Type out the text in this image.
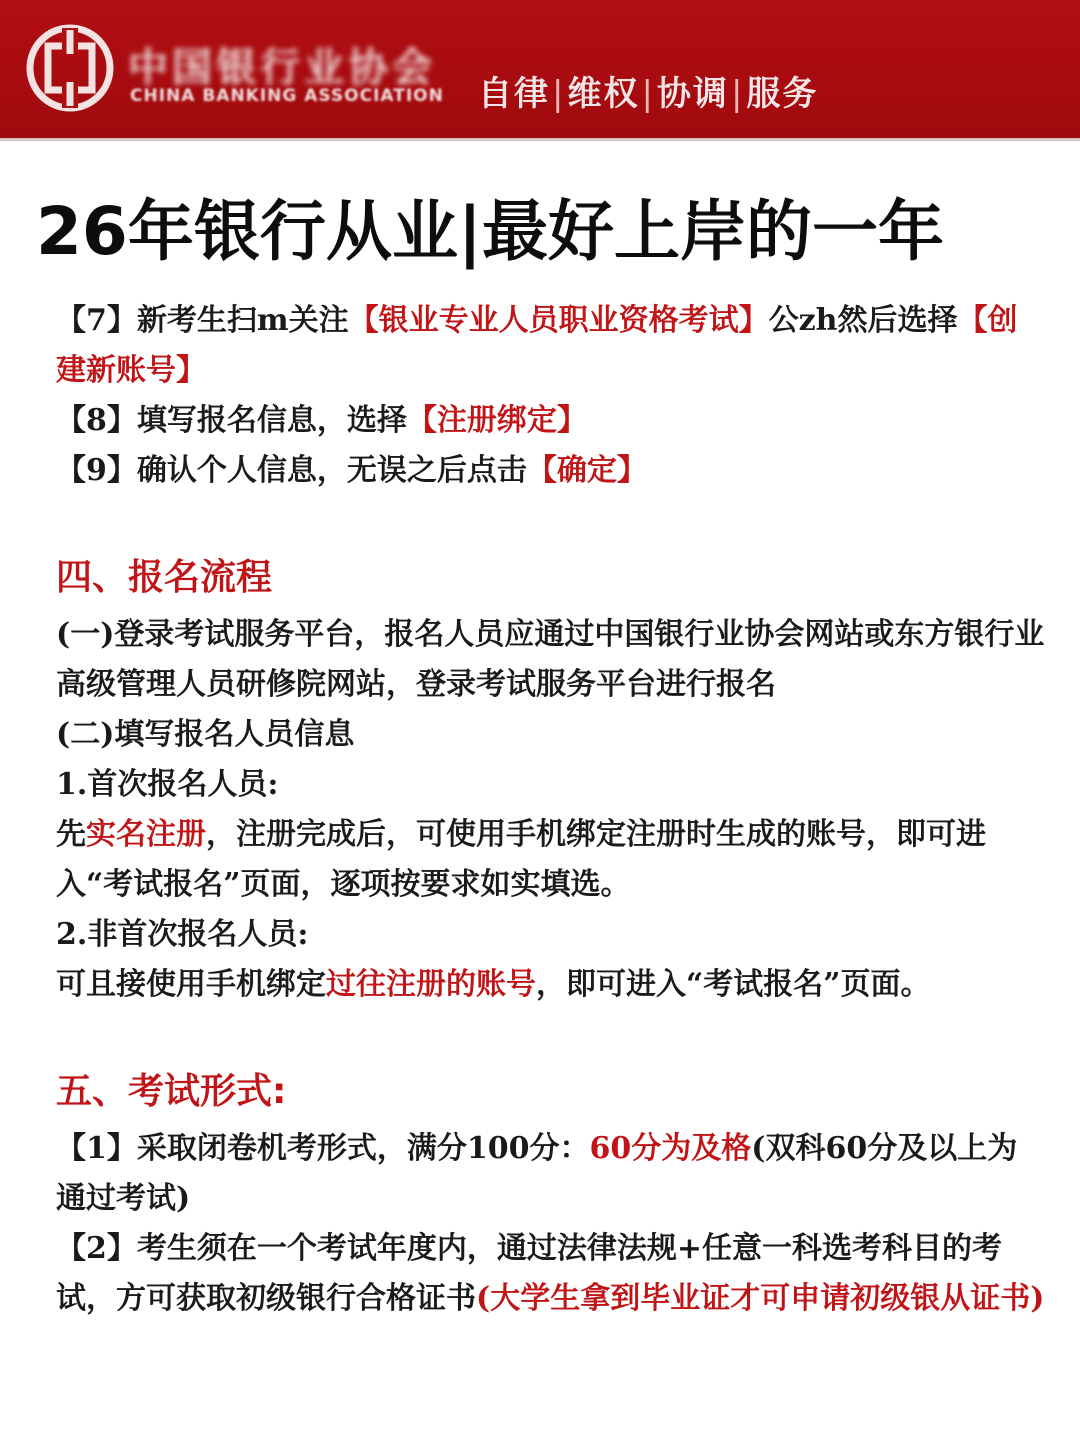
中国银行业协会
CHINA BANKING ASSOCIATION 自律|维权|协调|服务
26年银行从业|最好上岸的一年

【7】新考生扫m关注【银业专业人员职业资格考试】公zh然后选择【创建新账号】

【8】填写报名信息，选择【注册绑定】

【9】确认个人信息，无误之后点击【确定】

四、报名流程

(一)登录考试服务平台，报名人员应通过中国银行业协会网站或东方银行业高级管理人员研修院网站，登录考试服务平台进行报名

(二)填写报名人员信息

1.首次报名人员:

先实名注册，注册完成后，可使用手机绑定注册时生成的账号，即可进入“考试报名”页面，逐项按要求如实填选。

2.非首次报名人员:

可且接使用手机绑定过往注册的账号，即可进入“考试报名”页面。

五、考试形式:

【1】采取闭卷机考形式，满分100分：60分为及格(双科60分及以上为通过考试)

【2】考生须在一个考试年度内，通过法律法规+任意一科选考科目的考试，方可获取初级银行合格证书(大学生拿到毕业证才可申请初级银从证书)
